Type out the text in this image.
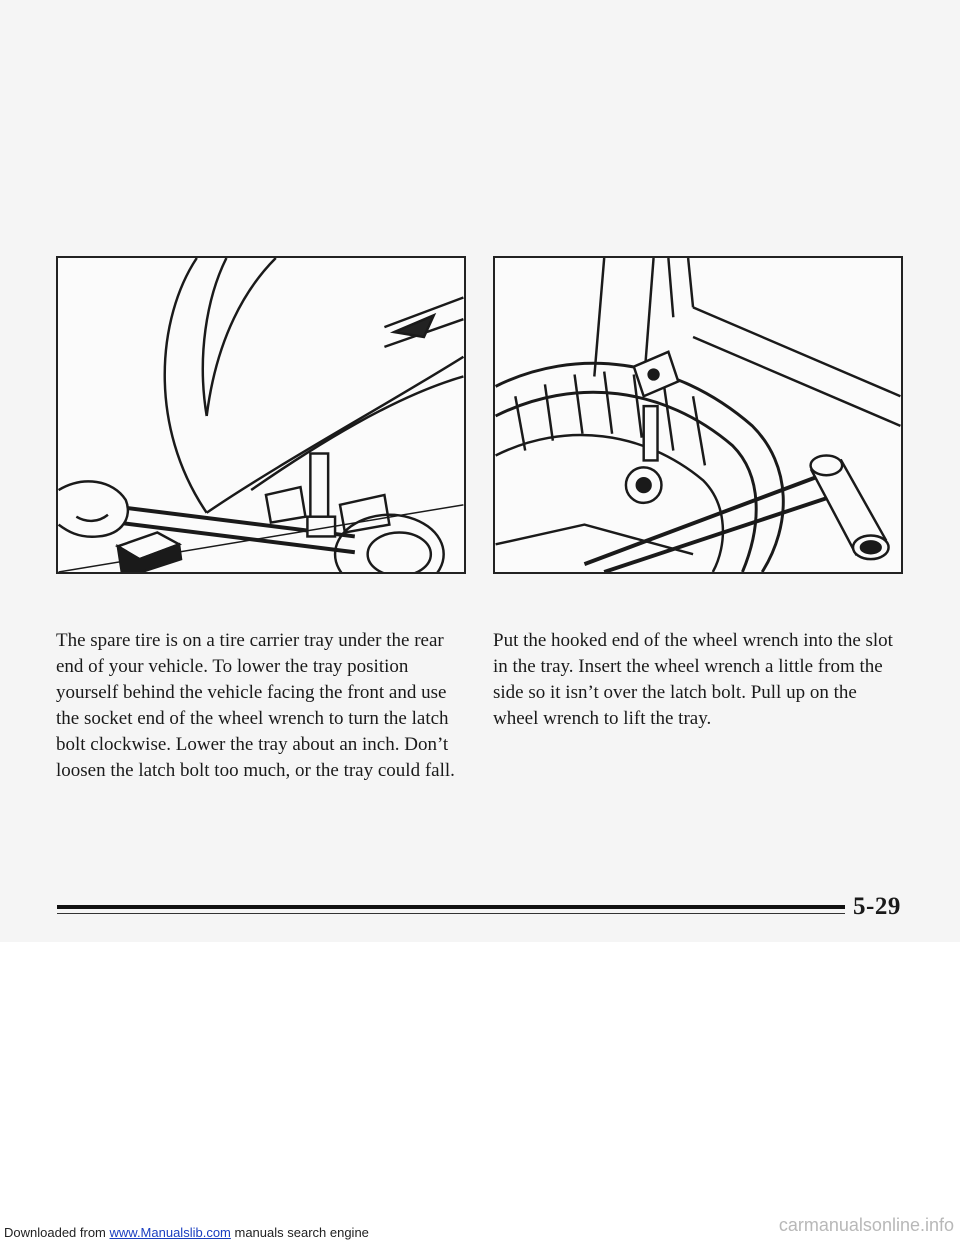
The spare tire is on a tire carrier tray under the rear end of your vehicle. To lower the tray position yourself behind the vehicle facing the front and use the socket end of the wheel wrench to turn the latch bolt clockwise. Lower the tray about an inch. Don’t loosen the latch bolt too much, or the tray could fall.

Put the hooked end of the wheel wrench into the slot in the tray. Insert the wheel wrench a little from the side so it isn’t over the latch bolt. Pull up on the wheel wrench to lift the tray.

5-29
Downloaded from www.Manualslib.com manuals search engine	carmanualsonline.info
